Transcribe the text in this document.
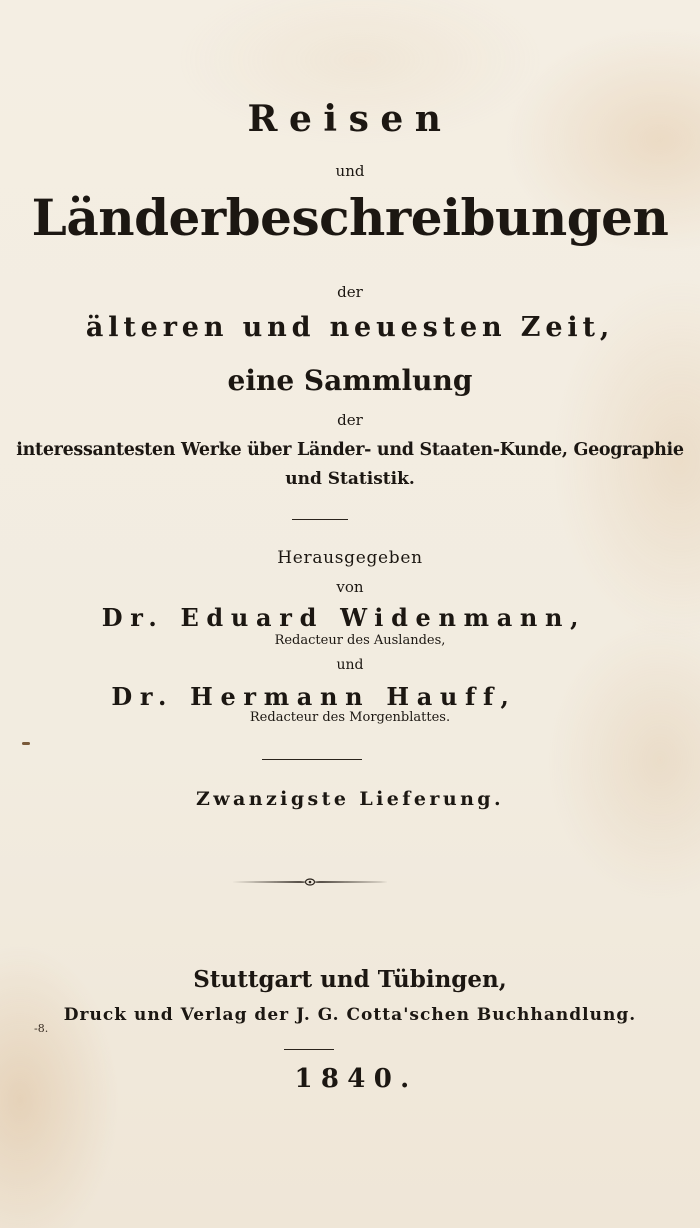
Reisen
und
Länderbeschreibungen
der
älteren und neuesten Zeit,
eine Sammlung
der
interessantesten Werke über Länder- und Staaten-Kunde, Geographie
und Statistik.
Herausgegeben
von
Dr. Eduard Widenmann,
Redacteur des Auslandes,
und
Dr. Hermann Hauff,
Redacteur des Morgenblattes.
Zwanzigste Lieferung.
Stuttgart und Tübingen,
Druck und Verlag der J. G. Cotta'schen Buchhandlung.
-8.
1840.
